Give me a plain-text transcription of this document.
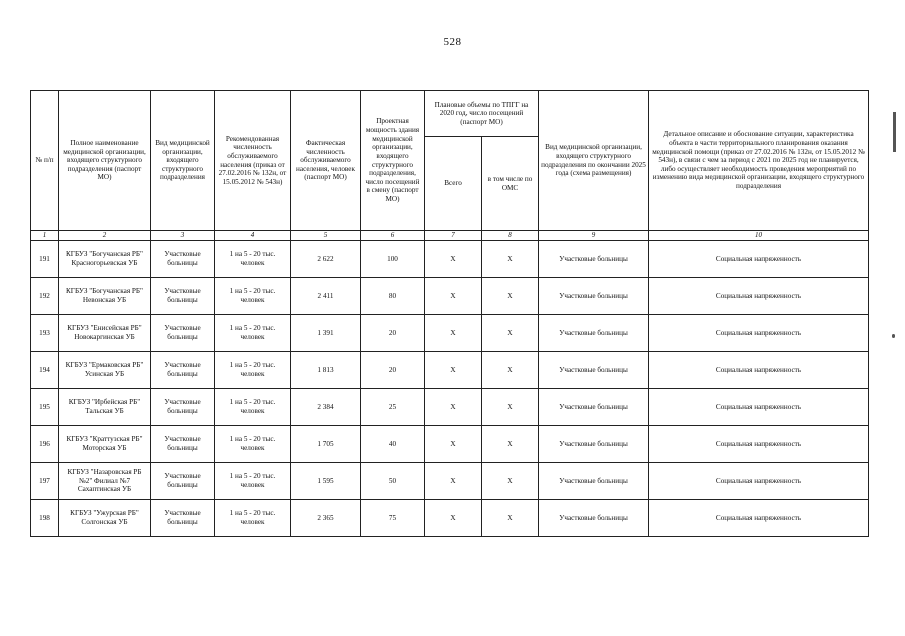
528
№ п/п	Полное наименование медицинской организации, входящего структурного подразделения (паспорт МО)	Вид медицинской организации, входящего структурного подразделения	Рекомендованная численность обслуживаемого населения (приказ от 27.02.2016 № 132н, от 15.05.2012 № 543н)	Фактическая численность обслуживаемого населения, человек (паспорт МО)	Проектная мощность здания медицинской организации, входящего структурного подразделения, число посещений в смену (паспорт МО)	Плановые объемы по ТПГГ на 2020 год, число посещений (паспорт МО)		Вид медицинской организации, входящего структурного подразделения по окончании 2025 года (схема размещения)	Детальное описание и обоснование ситуации, характеристика объекта в части территориального планирования оказания медицинской помощи (приказ от 27.02.2016 № 132н, от 15.05.2012 № 543н), в связи с чем за период с 2021 по 2025 год не планируется, либо осуществляет необходимость проведения мероприятий по изменению вида медицинской организации, входящего структурного подразделения
						Всего	в том числе по ОМС		
1	2	3	4	5	6	7	8	9	10
191	КГБУЗ "Богучанская РБ" Красногорьевская УБ	Участковые больницы	1 на 5 - 20 тыс. человек	2 622	100	X	X	Участковые больницы	Социальная напряженность
192	КГБУЗ "Богучанская РБ" Невонская УБ	Участковые больницы	1 на 5 - 20 тыс. человек	2 411	80	X	X	Участковые больницы	Социальная напряженность
193	КГБУЗ "Енисейская РБ" Новокаргинская УБ	Участковые больницы	1 на 5 - 20 тыс. человек	1 391	20	X	X	Участковые больницы	Социальная напряженность
194	КГБУЗ "Ермаковская РБ" Усинская УБ	Участковые больницы	1 на 5 - 20 тыс. человек	1 813	20	X	X	Участковые больницы	Социальная напряженность
195	КГБУЗ "Ирбейская РБ" Тальская УБ	Участковые больницы	1 на 5 - 20 тыс. человек	2 384	25	X	X	Участковые больницы	Социальная напряженность
196	КГБУЗ "Краттузская РБ" Моторская УБ	Участковые больницы	1 на 5 - 20 тыс. человек	1 705	40	X	X	Участковые больницы	Социальная напряженность
197	КГБУЗ "Назаровская РБ №2" Филиал №7 Сахаптинская УБ	Участковые больницы	1 на 5 - 20 тыс. человек	1 595	50	X	X	Участковые больницы	Социальная напряженность
198	КГБУЗ "Ужурская РБ" Солгонская УБ	Участковые больницы	1 на 5 - 20 тыс. человек	2 365	75	X	X	Участковые больницы	Социальная напряженность
